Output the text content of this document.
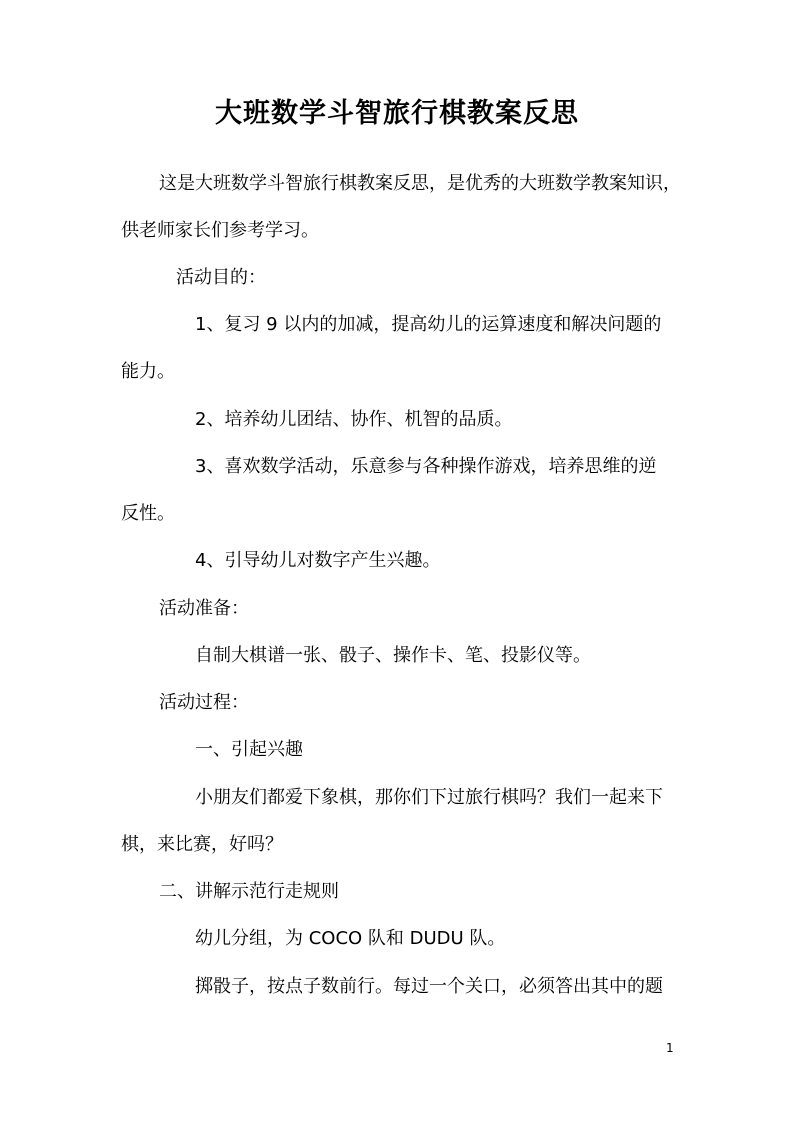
大班数学斗智旅行棋教案反思
这是大班数学斗智旅行棋教案反思，是优秀的大班数学教案知识，
供老师家长们参考学习。
活动目的：
1、复习 9 以内的加减，提高幼儿的运算速度和解决问题的
能力。
2、培养幼儿团结、协作、机智的品质。
3、喜欢数学活动，乐意参与各种操作游戏，培养思维的逆
反性。
4、引导幼儿对数字产生兴趣。
活动准备：
自制大棋谱一张、骰子、操作卡、笔、投影仪等。
活动过程：
一、引起兴趣
小朋友们都爱下象棋，那你们下过旅行棋吗？我们一起来下
棋，来比赛，好吗？
二、讲解示范行走规则
幼儿分组，为 COCO 队和 DUDU 队。
掷骰子，按点子数前行。每过一个关口，必须答出其中的题
1
